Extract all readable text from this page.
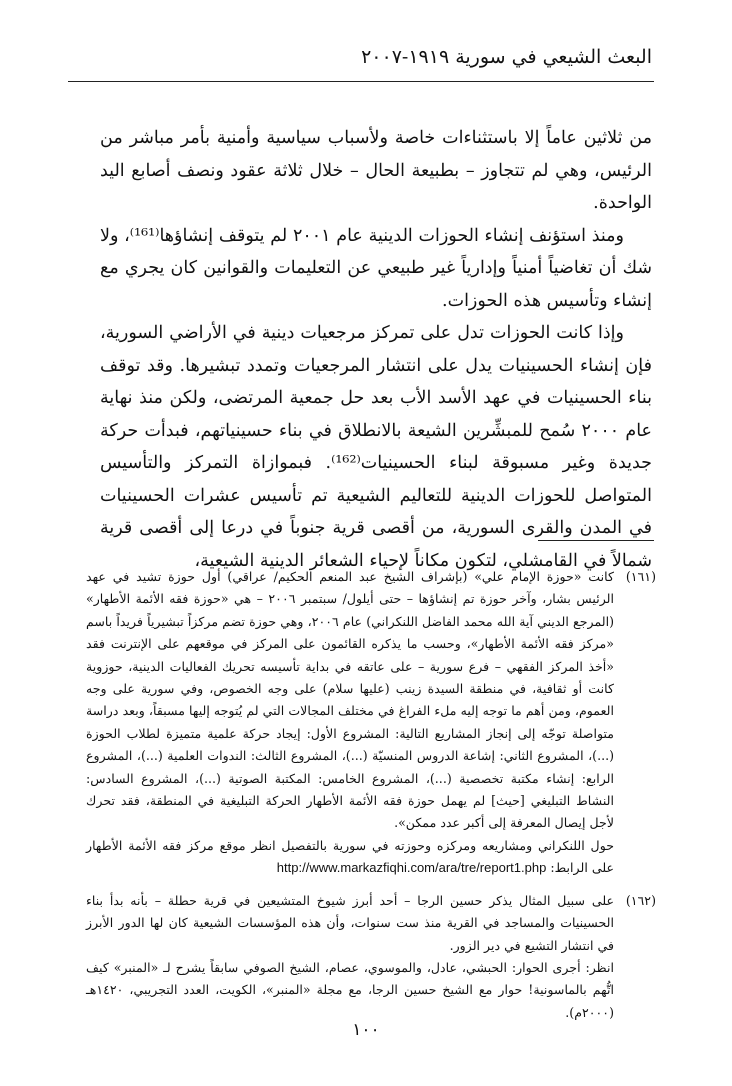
البعث الشيعي في سورية ١٩١٩-٢٠٠٧

من ثلاثين عاماً إلا باستثناءات خاصة ولأسباب سياسية وأمنية بأمر مباشر من الرئيس، وهي لم تتجاوز – بطبيعة الحال – خلال ثلاثة عقود ونصف أصابع اليد الواحدة.

ومنذ استؤنف إنشاء الحوزات الدينية عام ٢٠٠١ لم يتوقف إنشاؤها⁽¹⁶¹⁾، ولا شك أن تغاضياً أمنياً وإدارياً غير طبيعي عن التعليمات والقوانين كان يجري مع إنشاء وتأسيس هذه الحوزات.

وإذا كانت الحوزات تدل على تمركز مرجعيات دينية في الأراضي السورية، فإن إنشاء الحسينيات يدل على انتشار المرجعيات وتمدد تبشيرها. وقد توقف بناء الحسينيات في عهد الأسد الأب بعد حل جمعية المرتضى، ولكن منذ نهاية عام ٢٠٠٠ سُمح للمبشِّرين الشيعة بالانطلاق في بناء حسينياتهم، فبدأت حركة جديدة وغير مسبوقة لبناء الحسينيات⁽¹⁶²⁾. فبموازاة التمركز والتأسيس المتواصل للحوزات الدينية للتعاليم الشيعية تم تأسيس عشرات الحسينيات في المدن والقرى السورية، من أقصى قرية جنوباً في درعا إلى أقصى قرية شمالاً في القامشلي، لتكون مكاناً لإحياء الشعائر الدينية الشيعية،

(١٦١)

كانت «حوزة الإمام علي» (بإشراف الشيخ عبد المنعم الحكيم/ عراقي) أول حوزة تشيد في عهد الرئيس بشار، وآخر حوزة تم إنشاؤها – حتى أيلول/ سبتمبر ٢٠٠٦ – هي «حوزة فقه الأئمة الأطهار» (المرجع الديني آية الله محمد الفاضل اللنكراني) عام ٢٠٠٦، وهي حوزة تضم مركزاً تبشيرياً فريداً باسم «مركز فقه الأئمة الأطهار»، وحسب ما يذكره القائمون على المركز في موقعهم على الإنترنت فقد «أخذ المركز الفقهي – فرع سورية – على عاتقه في بداية تأسيسه تحريك الفعاليات الدينية، حوزوية كانت أو ثقافية، في منطقة السيدة زينب (عليها سلام) على وجه الخصوص، وفي سورية على وجه العموم، ومن أهم ما توجه إليه ملء الفراغ في مختلف المجالات التي لم يُتوجه إليها مسبقاً، وبعد دراسة متواصلة توجّه إلى إنجاز المشاريع التالية: المشروع الأول: إيجاد حركة علمية متميزة لطلاب الحوزة (...)، المشروع الثاني: إشاعة الدروس المنسيّة (...)، المشروع الثالث: الندوات العلمية (...)، المشروع الرابع: إنشاء مكتبة تخصصية (...)، المشروع الخامس: المكتبة الصوتية (...)، المشروع السادس: النشاط التبليغي [حيث] لم يهمل حوزة فقه الأئمة الأطهار الحركة التبليغية في المنطقة، فقد تحرك لأجل إيصال المعرفة إلى أكبر عدد ممكن».

حول اللنكراني ومشاريعه ومركزه وحوزته في سورية بالتفصيل انظر موقع مركز فقه الأئمة الأطهار على الرابط: http://www.markazfiqhi.com/ara/tre/report1.php

(١٦٢)

على سبيل المثال يذكر حسين الرجا – أحد أبرز شيوخ المتشيعين في قرية حطلة – بأنه بدأ بناء الحسينيات والمساجد في القرية منذ ست سنوات، وأن هذه المؤسسات الشيعية كان لها الدور الأبرز في انتشار التشيع في دير الزور.

انظر: أجرى الحوار: الحبشي، عادل، والموسوي، عصام، الشيخ الصوفي سابقاً يشرح لـ «المنبر» كيف اتُّهم بالماسونية! حوار مع الشيخ حسين الرجا، مع مجلة «المنبر»، الكويت، العدد التجريبي، ١٤٢٠هـ (٢٠٠٠م).

١٠٠
